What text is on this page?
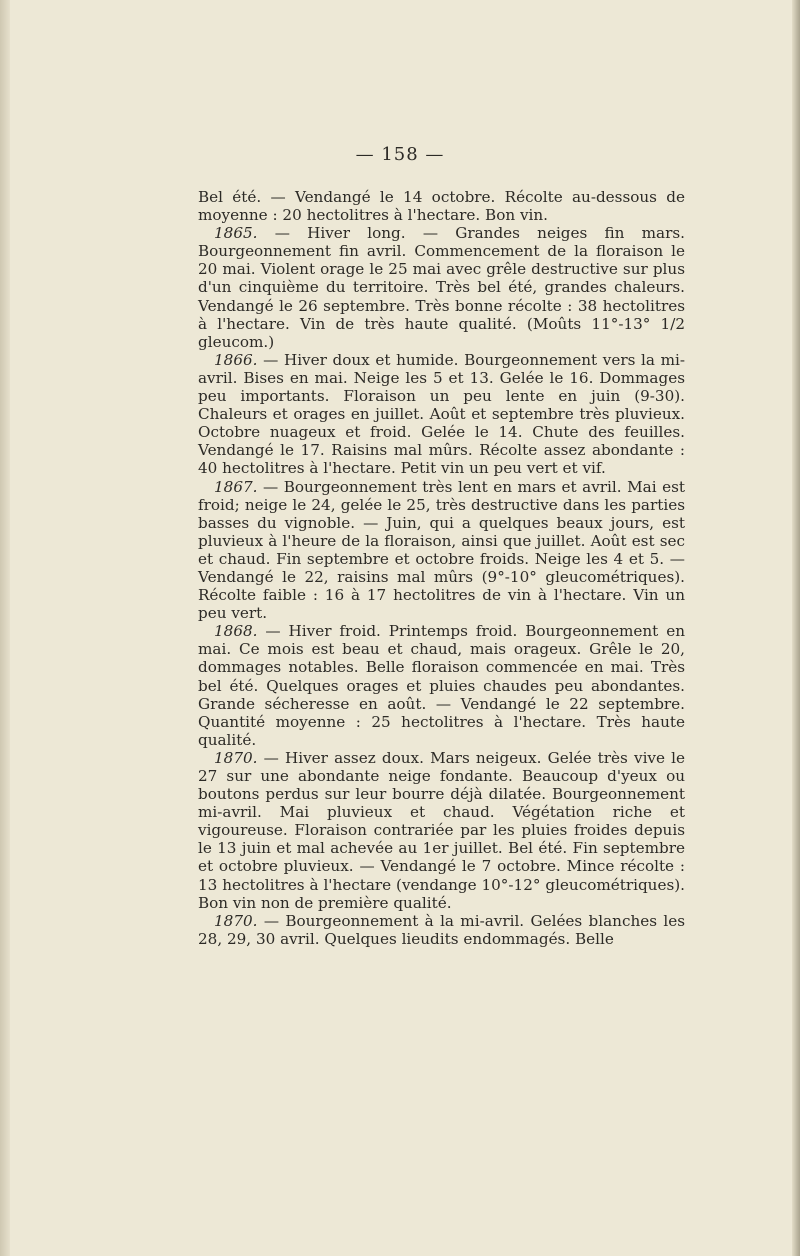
— 158 —

Bel été. — Vendangé le 14 octobre. Récolte au-dessous de moyenne : 20 hectolitres à l'hectare. Bon vin.

1865. — Hiver long. — Grandes neiges fin mars. Bourgeonnement fin avril. Commencement de la floraison le 20 mai. Violent orage le 25 mai avec grêle destructive sur plus d'un cinquième du territoire. Très bel été, grandes chaleurs. Vendangé le 26 septembre. Très bonne récolte : 38 hectolitres à l'hectare. Vin de très haute qualité. (Moûts 11°-13° 1/2 gleucom.)

1866. — Hiver doux et humide. Bourgeonnement vers la mi-avril. Bises en mai. Neige les 5 et 13. Gelée le 16. Dommages peu importants. Floraison un peu lente en juin (9-30). Chaleurs et orages en juillet. Août et septembre très pluvieux. Octobre nuageux et froid. Gelée le 14. Chute des feuilles. Vendangé le 17. Raisins mal mûrs. Récolte assez abondante : 40 hectolitres à l'hectare. Petit vin un peu vert et vif.

1867. — Bourgeonnement très lent en mars et avril. Mai est froid; neige le 24, gelée le 25, très destructive dans les parties basses du vignoble. — Juin, qui a quelques beaux jours, est pluvieux à l'heure de la floraison, ainsi que juillet. Août est sec et chaud. Fin septembre et octobre froids. Neige les 4 et 5. — Vendangé le 22, raisins mal mûrs (9°-10° gleucométriques). Récolte faible : 16 à 17 hectolitres de vin à l'hectare. Vin un peu vert.

1868. — Hiver froid. Printemps froid. Bourgeonnement en mai. Ce mois est beau et chaud, mais orageux. Grêle le 20, dommages notables. Belle floraison commencée en mai. Très bel été. Quelques orages et pluies chaudes peu abondantes. Grande sécheresse en août. — Vendangé le 22 septembre. Quantité moyenne : 25 hectolitres à l'hectare. Très haute qualité.

1870. — Hiver assez doux. Mars neigeux. Gelée très vive le 27 sur une abondante neige fondante. Beaucoup d'yeux ou boutons perdus sur leur bourre déjà dilatée. Bourgeonnement mi-avril. Mai pluvieux et chaud. Végétation riche et vigoureuse. Floraison contrariée par les pluies froides depuis le 13 juin et mal achevée au 1er juillet. Bel été. Fin septembre et octobre pluvieux. — Vendangé le 7 octobre. Mince récolte : 13 hectolitres à l'hectare (vendange 10°-12° gleucométriques). Bon vin non de première qualité.

1870. — Bourgeonnement à la mi-avril. Gelées blanches les 28, 29, 30 avril. Quelques lieudits endommagés. Belle
